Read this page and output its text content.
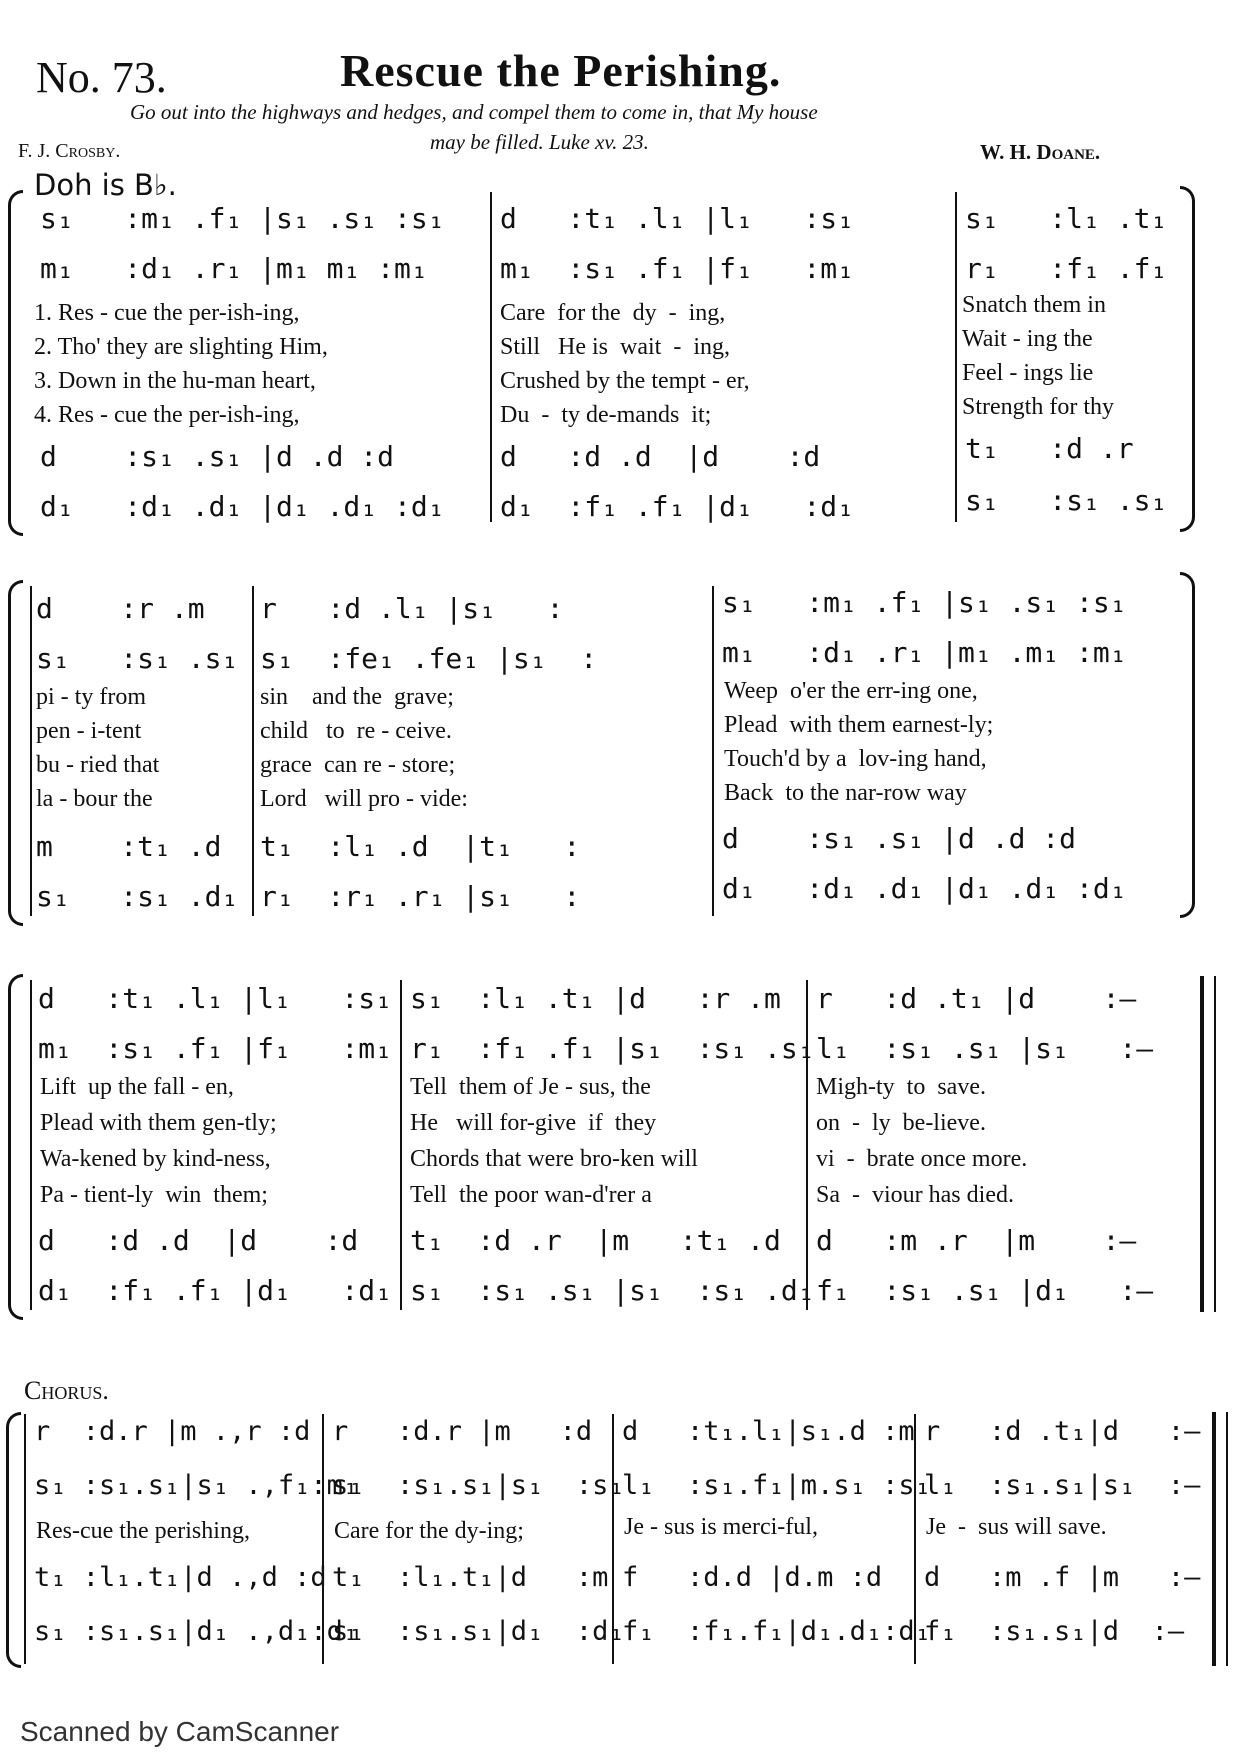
No. 73.	Rescue the Perishing.
Go out into the highways and hedges, and compel them to come in, that My house
may be filled. Luke xv. 23.
F. J. Crosby.	W. H. Doane.
Doh is B♭.
s₁   :m₁ .f₁ |s₁ .s₁ :s₁
m₁   :d₁ .r₁ |m₁ m₁ :m₁
1. Res - cue the per-ish-ing,
2. Tho' they are slighting Him,
3. Down in the hu-man heart,
4. Res - cue the per-ish-ing,
d    :s₁ .s₁ |d .d :d
d₁   :d₁ .d₁ |d₁ .d₁ :d₁
d   :t₁ .l₁ |l₁   :s₁
m₁  :s₁ .f₁ |f₁   :m₁
Care  for the  dy  -  ing,
Still   He is  wait  -  ing,
Crushed by the tempt - er,
Du  -  ty de-mands  it;
d   :d .d  |d    :d
d₁  :f₁ .f₁ |d₁   :d₁
s₁   :l₁ .t₁
r₁   :f₁ .f₁
Snatch them in
Wait - ing the
Feel - ings lie
Strength for thy
t₁   :d .r
s₁   :s₁ .s₁
d    :r .m
s₁   :s₁ .s₁
pi - ty from
pen - i-tent
bu - ried that
la - bour the
m    :t₁ .d
s₁   :s₁ .d₁
r   :d .l₁ |s₁   :
s₁  :fe₁ .fe₁ |s₁  :
sin    and the  grave;
child   to  re - ceive.
grace  can re - store;
Lord   will pro - vide:
t₁  :l₁ .d  |t₁   :
r₁  :r₁ .r₁ |s₁   :
s₁   :m₁ .f₁ |s₁ .s₁ :s₁
m₁   :d₁ .r₁ |m₁ .m₁ :m₁
Weep  o'er the err-ing one,
Plead  with them earnest-ly;
Touch'd by a  lov-ing hand,
Back  to the nar-row way
d    :s₁ .s₁ |d .d :d
d₁   :d₁ .d₁ |d₁ .d₁ :d₁
d   :t₁ .l₁ |l₁   :s₁
m₁  :s₁ .f₁ |f₁   :m₁
Lift  up the fall - en,
Plead with them gen-tly;
Wa-kened by kind-ness,
Pa - tient-ly  win  them;
d   :d .d  |d    :d
d₁  :f₁ .f₁ |d₁   :d₁
s₁  :l₁ .t₁ |d   :r .m
r₁  :f₁ .f₁ |s₁  :s₁ .s₁
Tell  them of Je - sus, the
He   will for-give  if  they
Chords that were bro-ken will
Tell  the poor wan-d'rer a
t₁  :d .r  |m   :t₁ .d
s₁  :s₁ .s₁ |s₁  :s₁ .d₁
r   :d .t₁ |d    :—
l₁  :s₁ .s₁ |s₁   :—
Migh-ty  to  save.
on  -  ly  be-lieve.
vi  -  brate once more.
Sa  -  viour has died.
d   :m .r  |m    :—
f₁  :s₁ .s₁ |d₁   :—
Chorus.
r  :d.r |m .,r :d
s₁ :s₁.s₁|s₁ .,f₁:m₁
Res-cue the perishing,
t₁ :l₁.t₁|d .,d :d
s₁ :s₁.s₁|d₁ .,d₁:d₁
r   :d.r |m   :d
s₁  :s₁.s₁|s₁  :s₁
Care for the dy-ing;
t₁  :l₁.t₁|d   :m
s₁  :s₁.s₁|d₁  :d₁
d   :t₁.l₁|s₁.d :m
l₁  :s₁.f₁|m.s₁ :s₁
Je - sus is merci-ful,
f   :d.d |d.m :d
f₁  :f₁.f₁|d₁.d₁:d₁
r   :d .t₁|d   :—
l₁  :s₁.s₁|s₁  :—
Je  -  sus will save.
d   :m .f |m   :—
f₁  :s₁.s₁|d  :—
Scanned by CamScanner
